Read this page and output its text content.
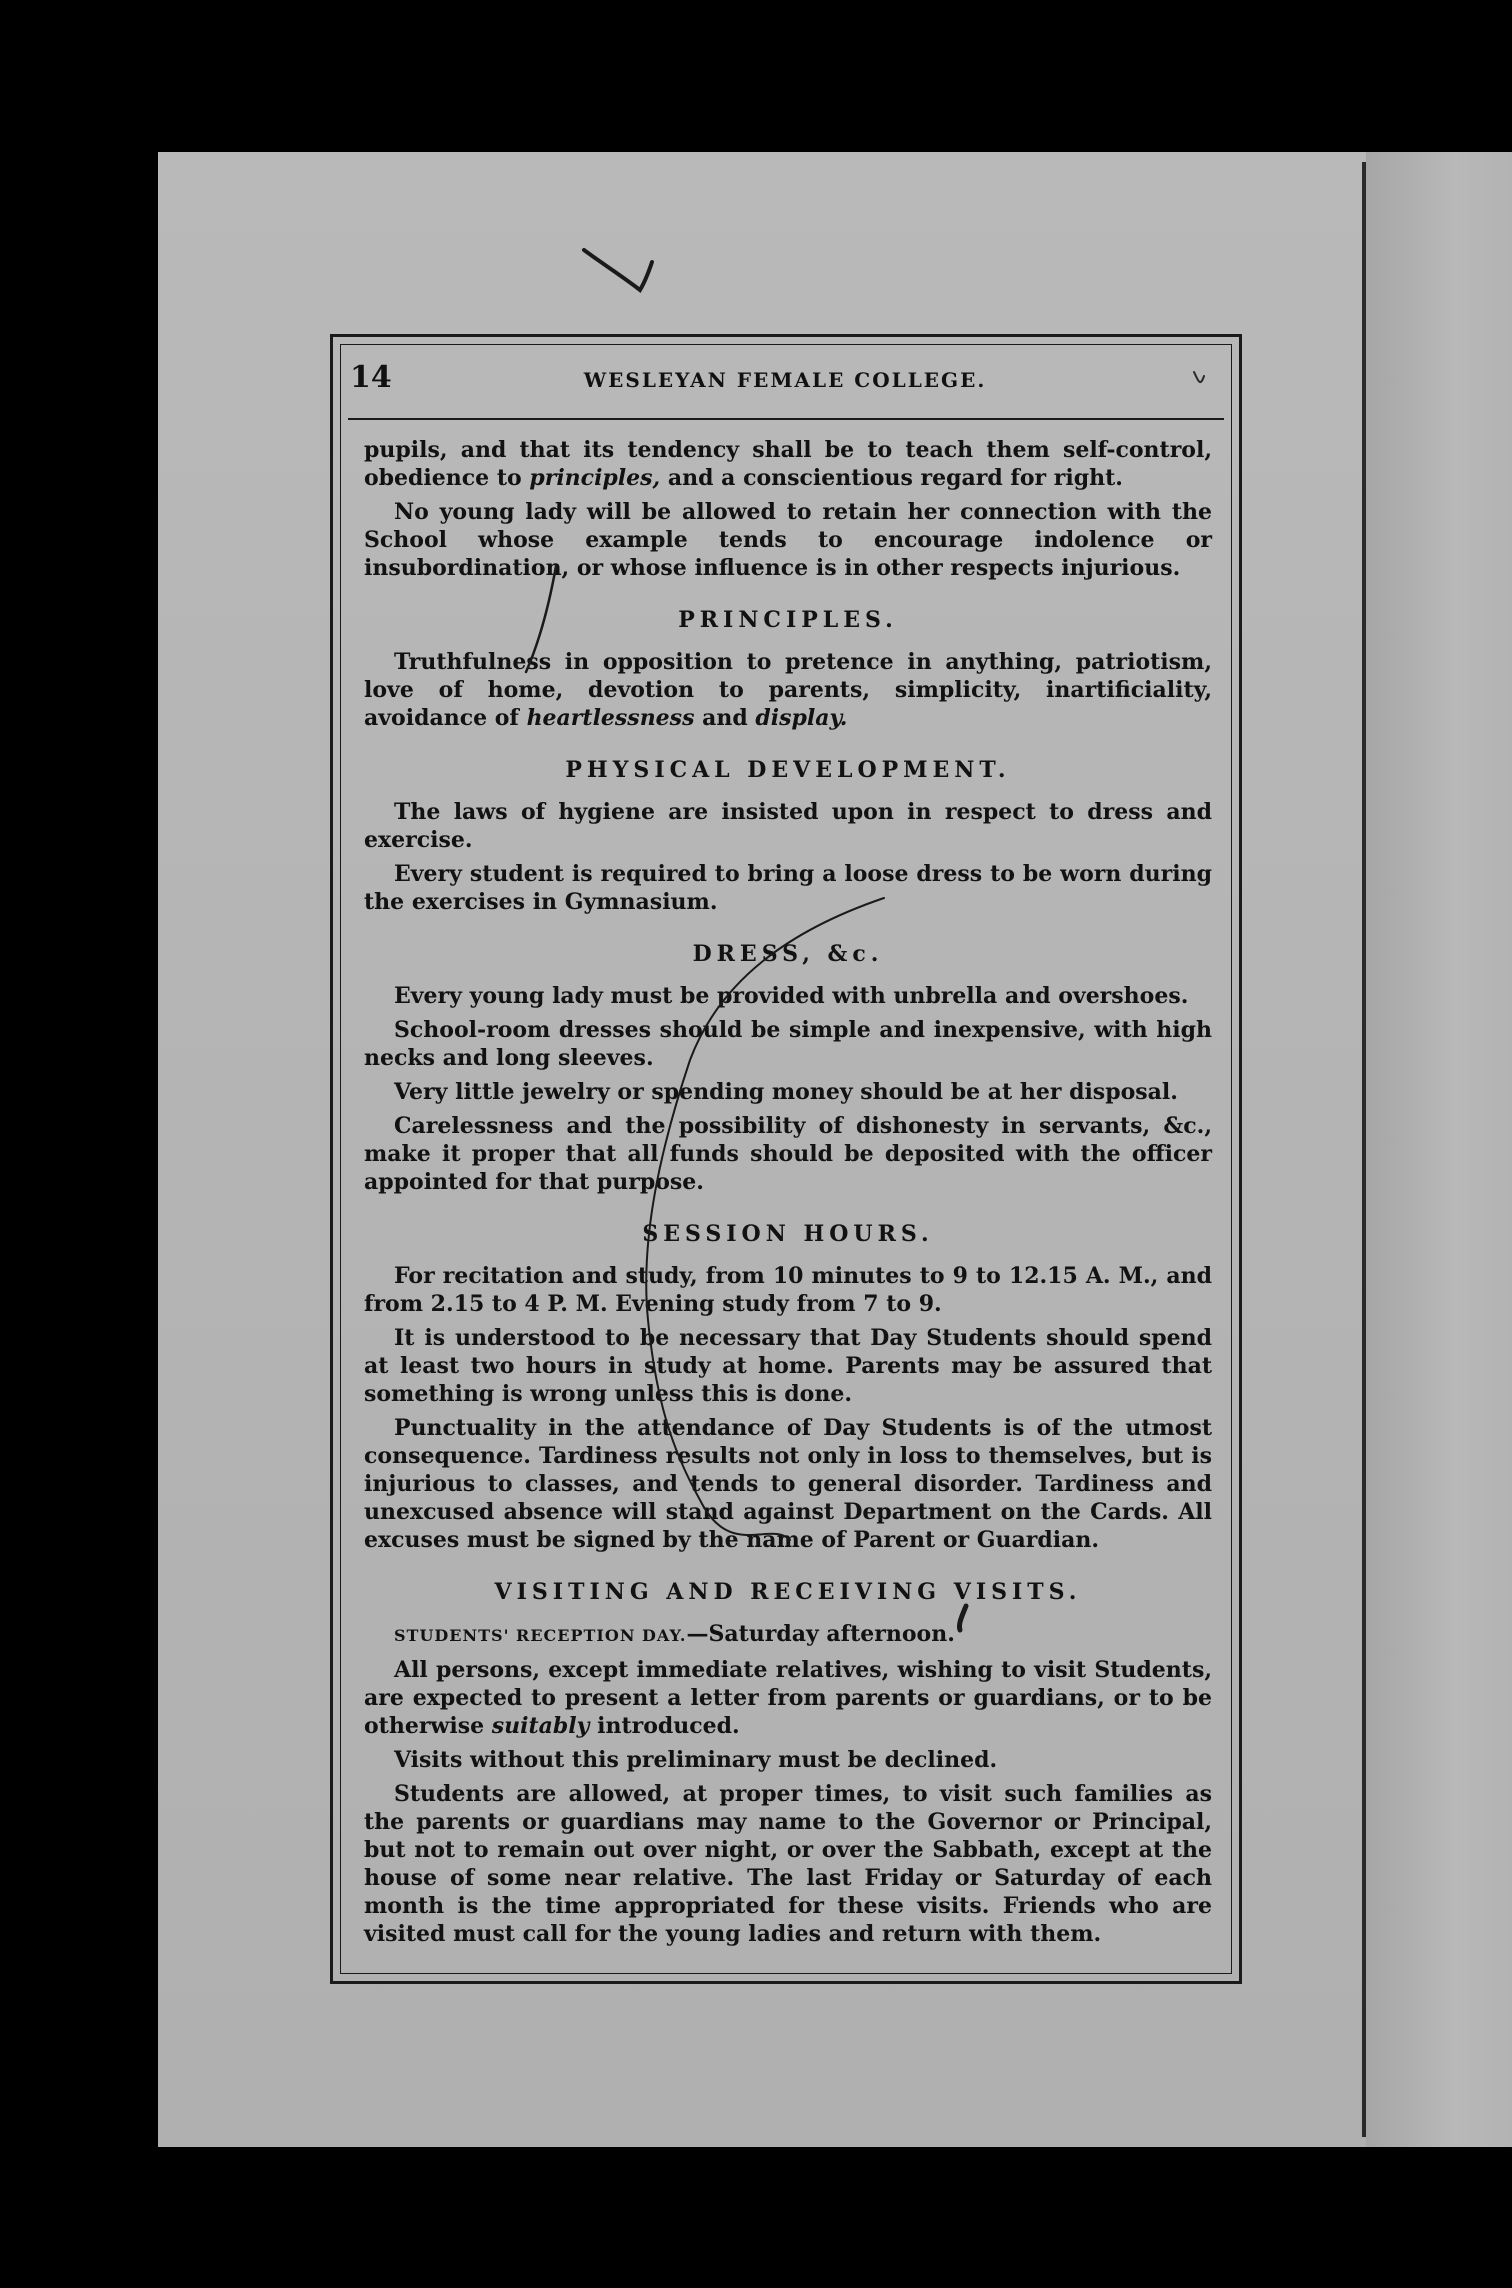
14	WESLEYAN FEMALE COLLEGE.

pupils, and that its tendency shall be to teach them self-control, obedience to principles, and a conscientious regard for right.

No young lady will be allowed to retain her connection with the School whose example tends to encourage indolence or insubordination, or whose influence is in other respects injurious.

PRINCIPLES.

Truthfulness in opposition to pretence in anything, patriotism, love of home, devotion to parents, simplicity, inartificiality, avoidance of heartlessness and display.

PHYSICAL DEVELOPMENT.

The laws of hygiene are insisted upon in respect to dress and exercise.

Every student is required to bring a loose dress to be worn during the exercises in Gymnasium.

DRESS, &c.

Every young lady must be provided with unbrella and overshoes.

School-room dresses should be simple and inexpensive, with high necks and long sleeves.

Very little jewelry or spending money should be at her disposal.

Carelessness and the possibility of dishonesty in servants, &c., make it proper that all funds should be deposited with the officer appointed for that purpose.

SESSION HOURS.

For recitation and study, from 10 minutes to 9 to 12.15 A. M., and from 2.15 to 4 P. M. Evening study from 7 to 9.

It is understood to be necessary that Day Students should spend at least two hours in study at home. Parents may be assured that something is wrong unless this is done.

Punctuality in the attendance of Day Students is of the utmost consequence. Tardiness results not only in loss to themselves, but is injurious to classes, and tends to general disorder. Tardiness and unexcused absence will stand against Department on the Cards. All excuses must be signed by the name of Parent or Guardian.

VISITING AND RECEIVING VISITS.

STUDENTS' RECEPTION DAY.—Saturday afternoon.

All persons, except immediate relatives, wishing to visit Students, are expected to present a letter from parents or guardians, or to be otherwise suitably introduced.

Visits without this preliminary must be declined.

Students are allowed, at proper times, to visit such families as the parents or guardians may name to the Governor or Principal, but not to remain out over night, or over the Sabbath, except at the house of some near relative. The last Friday or Saturday of each month is the time appropriated for these visits. Friends who are visited must call for the young ladies and return with them.
